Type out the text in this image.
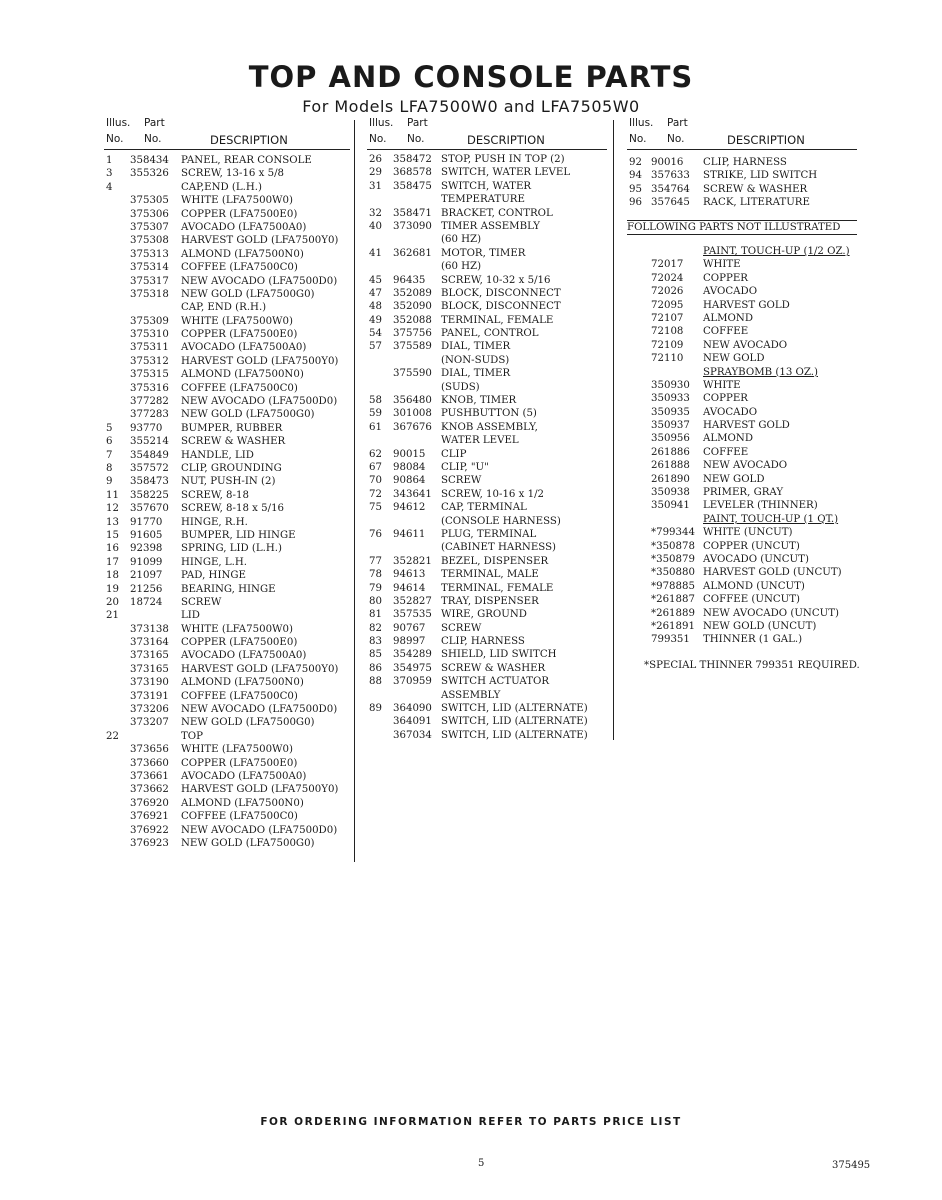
TOP AND CONSOLE PARTS
For Models LFA7500W0 and LFA7505W0
Illus. Part
No. No.	DESCRIPTION
1 358434 PANEL, REAR CONSOLE
3 355326 SCREW, 13-16 x 5/8
4	CAP,END (L.H.)
375305 WHITE (LFA7500W0)
375306 COPPER (LFA7500E0)
375307 AVOCADO (LFA7500A0)
375308 HARVEST GOLD (LFA7500Y0)
375313 ALMOND (LFA7500N0)
375314 COFFEE (LFA7500C0)
375317 NEW AVOCADO (LFA7500D0)
375318 NEW GOLD (LFA7500G0)
CAP, END (R.H.)
375309 WHITE (LFA7500W0)
375310 COPPER (LFA7500E0)
375311 AVOCADO (LFA7500A0)
375312 HARVEST GOLD (LFA7500Y0)
375315 ALMOND (LFA7500N0)
375316 COFFEE (LFA7500C0)
377282 NEW AVOCADO (LFA7500D0)
377283 NEW GOLD (LFA7500G0)
5 93770 BUMPER, RUBBER
6 355214 SCREW & WASHER
7 354849 HANDLE, LID
8 357572 CLIP, GROUNDING
9 358473 NUT, PUSH-IN (2)
11 358225 SCREW, 8-18
12 357670 SCREW, 8-18 x 5/16
13 91770 HINGE, R.H.
15 91605 BUMPER, LID HINGE
16 92398 SPRING, LID (L.H.)
17 91099 HINGE, L.H.
18 21097 PAD, HINGE
19 21256 BEARING, HINGE
20 18724 SCREW
21	LID
373138 WHITE (LFA7500W0)
373164 COPPER (LFA7500E0)
373165 AVOCADO (LFA7500A0)
373165 HARVEST GOLD (LFA7500Y0)
373190 ALMOND (LFA7500N0)
373191 COFFEE (LFA7500C0)
373206 NEW AVOCADO (LFA7500D0)
373207 NEW GOLD (LFA7500G0)
22	TOP
373656 WHITE (LFA7500W0)
373660 COPPER (LFA7500E0)
373661 AVOCADO (LFA7500A0)
373662 HARVEST GOLD (LFA7500Y0)
376920 ALMOND (LFA7500N0)
376921 COFFEE (LFA7500C0)
376922 NEW AVOCADO (LFA7500D0)
376923 NEW GOLD (LFA7500G0)
Illus. Part
No. No.	DESCRIPTION
26 358472 STOP, PUSH IN TOP (2)
29 368578 SWITCH, WATER LEVEL
31 358475 SWITCH, WATER
TEMPERATURE
32 358471 BRACKET, CONTROL
40 373090 TIMER ASSEMBLY
(60 HZ)
41 362681 MOTOR, TIMER
(60 HZ)
45 96435 SCREW, 10-32 x 5/16
47 352089 BLOCK, DISCONNECT
48 352090 BLOCK, DISCONNECT
49 352088 TERMINAL, FEMALE
54 375756 PANEL, CONTROL
57 375589 DIAL, TIMER
(NON-SUDS)
375590 DIAL, TIMER
(SUDS)
58 356480 KNOB, TIMER
59 301008 PUSHBUTTON (5)
61 367676 KNOB ASSEMBLY,
WATER LEVEL
62 90015 CLIP
67 98084 CLIP, "U"
70 90864 SCREW
72 343641 SCREW, 10-16 x 1/2
75 94612 CAP, TERMINAL
(CONSOLE HARNESS)
76 94611 PLUG, TERMINAL
(CABINET HARNESS)
77 352821 BEZEL, DISPENSER
78 94613 TERMINAL, MALE
79 94614 TERMINAL, FEMALE
80 352827 TRAY, DISPENSER
81 357535 WIRE, GROUND
82 90767 SCREW
83 98997 CLIP, HARNESS
85 354289 SHIELD, LID SWITCH
86 354975 SCREW & WASHER
88 370959 SWITCH ACTUATOR
ASSEMBLY
89 364090 SWITCH, LID (ALTERNATE)
364091 SWITCH, LID (ALTERNATE)
367034 SWITCH, LID (ALTERNATE)
Illus. Part
No. No.	DESCRIPTION
92 90016 CLIP, HARNESS
94 357633 STRIKE, LID SWITCH
95 354764 SCREW & WASHER
96 357645 RACK, LITERATURE
FOLLOWING PARTS NOT ILLUSTRATED
PAINT, TOUCH-UP (1/2 OZ.)
72017 WHITE
72024 COPPER
72026 AVOCADO
72095 HARVEST GOLD
72107 ALMOND
72108 COFFEE
72109 NEW AVOCADO
72110 NEW GOLD
SPRAYBOMB (13 OZ.)
350930 WHITE
350933 COPPER
350935 AVOCADO
350937 HARVEST GOLD
350956 ALMOND
261886 COFFEE
261888 NEW AVOCADO
261890 NEW GOLD
350938 PRIMER, GRAY
350941 LEVELER (THINNER)
PAINT, TOUCH-UP (1 QT.)
*799344 WHITE (UNCUT)
*350878 COPPER (UNCUT)
*350879 AVOCADO (UNCUT)
*350880 HARVEST GOLD (UNCUT)
*978885 ALMOND (UNCUT)
*261887 COFFEE (UNCUT)
*261889 NEW AVOCADO (UNCUT)
*261891 NEW GOLD (UNCUT)
799351 THINNER (1 GAL.)
*SPECIAL THINNER 799351 REQUIRED.
FOR ORDERING INFORMATION REFER TO PARTS PRICE LIST
5	375495
